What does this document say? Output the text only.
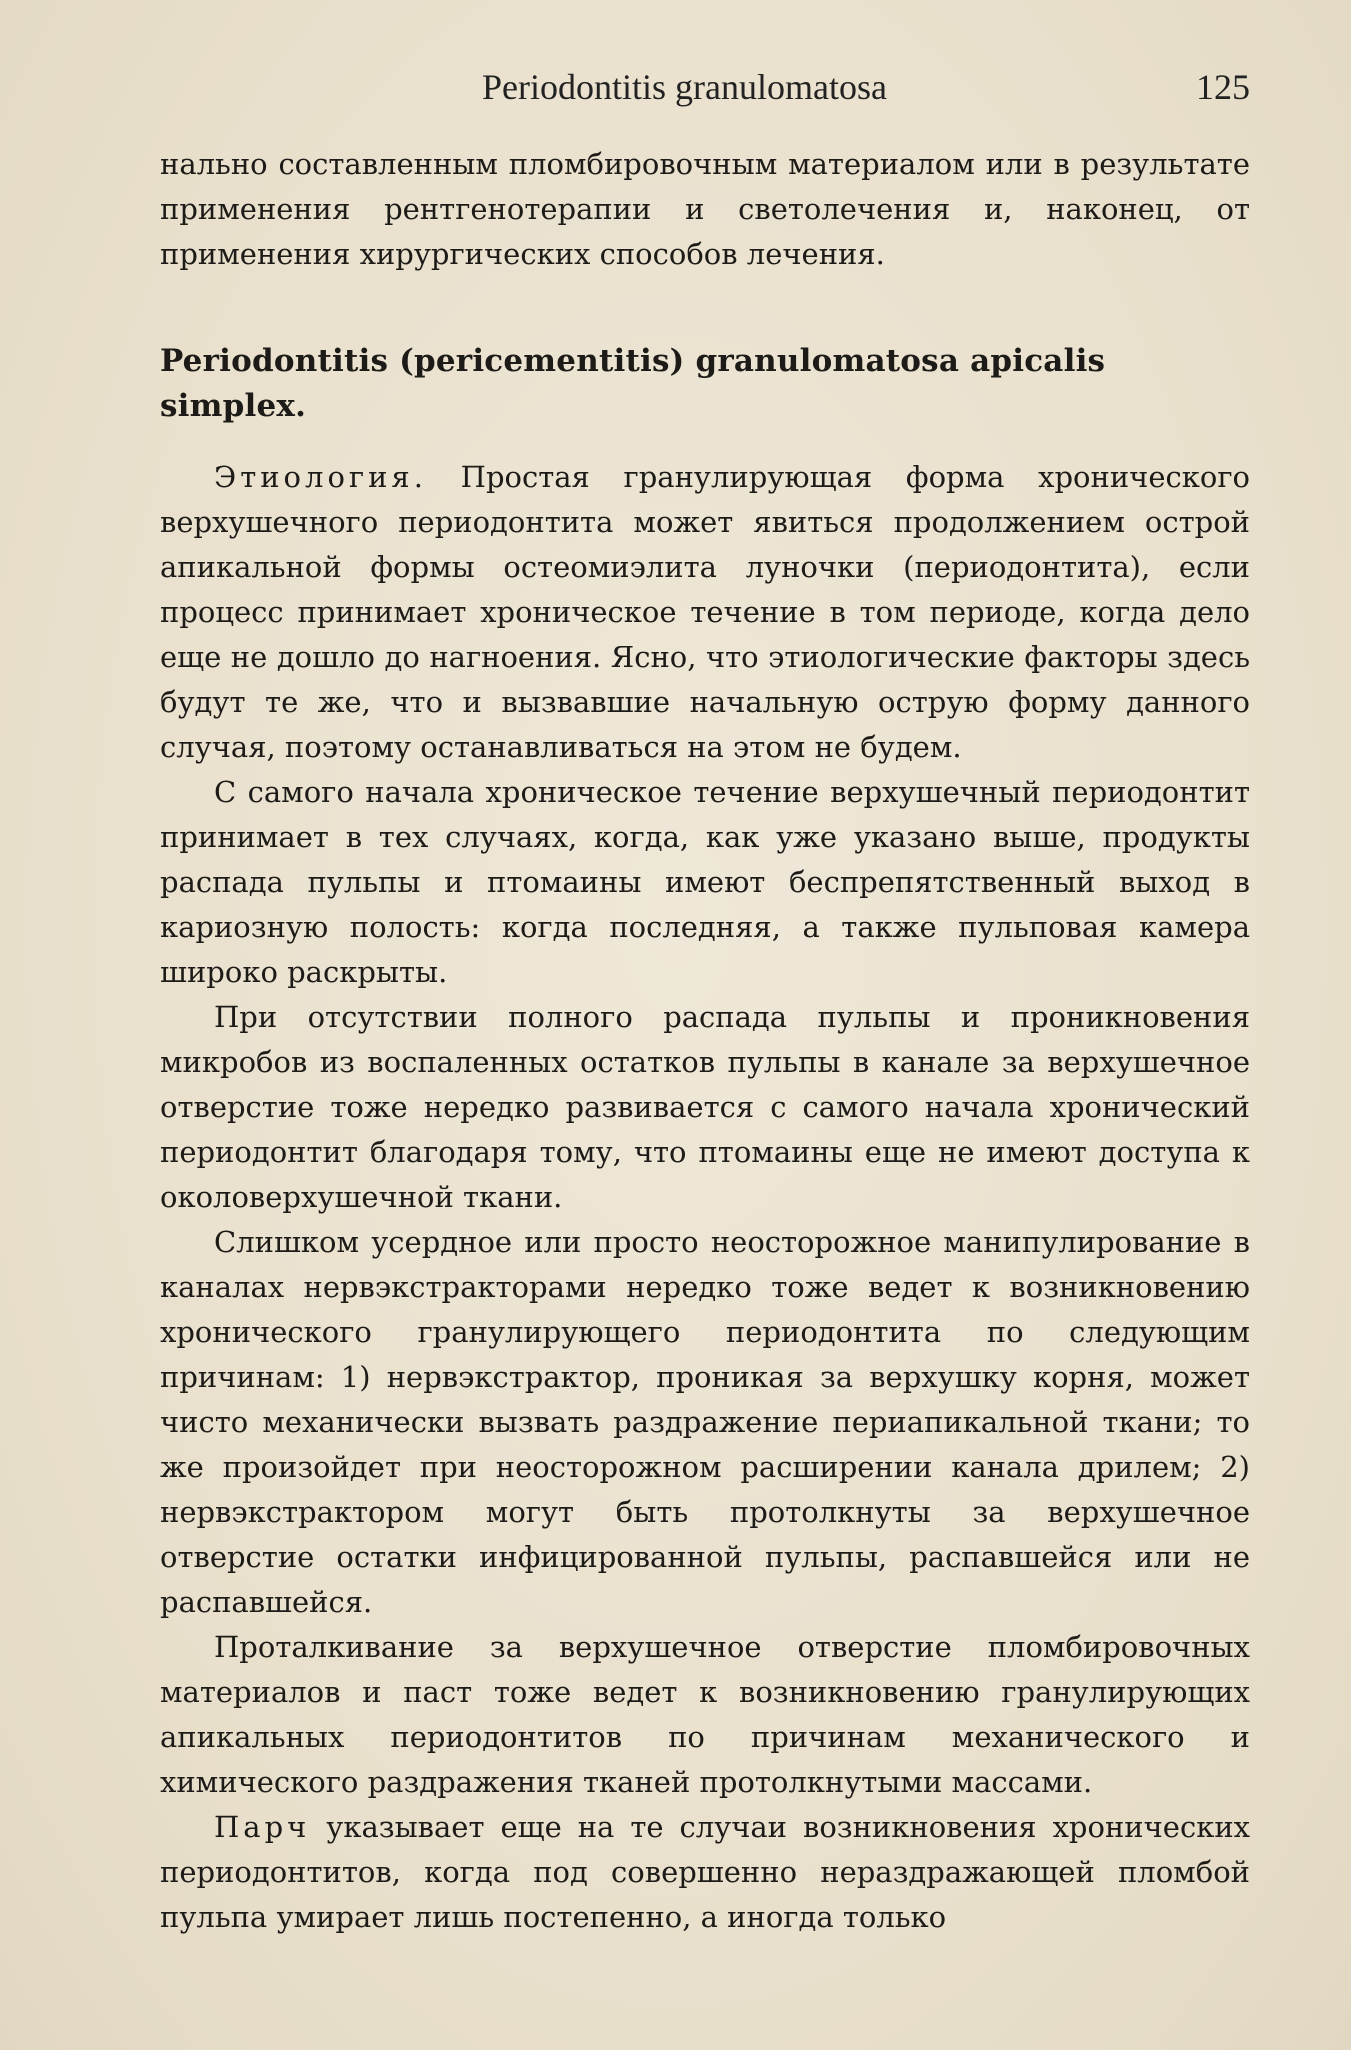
Periodontitis granulomatosa	125

нально составленным пломбировочным материалом или в результате применения рентгенотерапии и светолечения и, наконец, от применения хирургических способов лечения.

Periodontitis (pericementitis) granulomatosa apicalis simplex.

Этиология. Простая гранулирующая форма хронического верхушечного периодонтита может явиться продолжением острой апикальной формы остеомиэлита луночки (периодонтита), если процесс принимает хроническое течение в том периоде, когда дело еще не дошло до нагноения. Ясно, что этиологические факторы здесь будут те же, что и вызвавшие начальную острую форму данного случая, поэтому останавливаться на этом не будем.

С самого начала хроническое течение верхушечный периодонтит принимает в тех случаях, когда, как уже указано выше, продукты распада пульпы и птомаины имеют беспрепятственный выход в кариозную полость: когда последняя, а также пульповая камера широко раскрыты.

При отсутствии полного распада пульпы и проникновения микробов из воспаленных остатков пульпы в канале за верхушечное отверстие тоже нередко развивается с самого начала хронический периодонтит благодаря тому, что птомаины еще не имеют доступа к околоверхушечной ткани.

Слишком усердное или просто неосторожное манипулирование в каналах нервэкстракторами нередко тоже ведет к возникновению хронического гранулирующего периодонтита по следующим причинам: 1) нервэкстрактор, проникая за верхушку корня, может чисто механически вызвать раздражение периапикальной ткани; то же произойдет при неосторожном расширении канала дрилем; 2) нервэкстрактором могут быть протолкнуты за верхушечное отверстие остатки инфицированной пульпы, распавшейся или не распавшейся.

Проталкивание за верхушечное отверстие пломбировочных материалов и паст тоже ведет к возникновению гранулирующих апикальных периодонтитов по причинам механического и химического раздражения тканей протолкнутыми массами.

Парч указывает еще на те случаи возникновения хронических периодонтитов, когда под совершенно нераздражающей пломбой пульпа умирает лишь постепенно, а иногда только
